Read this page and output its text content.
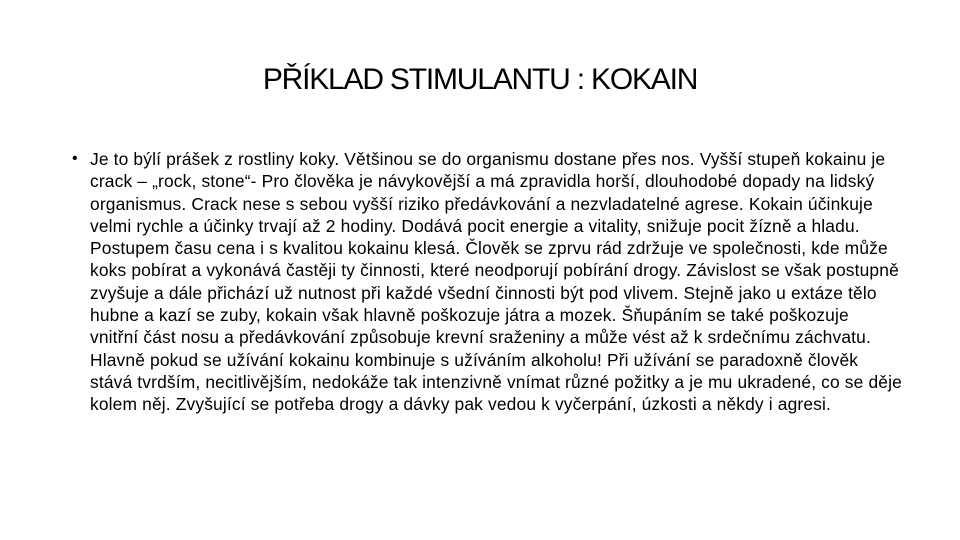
PŘÍKLAD STIMULANTU : KOKAIN
• Je to býlí prášek z rostliny koky. Většinou se do organismu dostane přes nos. Vyšší stupeň kokainu je crack – „rock, stone“- Pro člověka je návykovější a má zpravidla horší, dlouhodobé dopady na lidský organismus. Crack nese s sebou vyšší riziko předávkování a nezvladatelné agrese. Kokain účinkuje velmi rychle a účinky trvají až 2 hodiny. Dodává pocit energie a vitality, snižuje pocit žízně a hladu. Postupem času cena i s kvalitou kokainu klesá. Člověk se zprvu rád zdržuje ve společnosti, kde může koks pobírat a vykonává častěji ty činnosti, které neodporují pobírání drogy. Závislost se však postupně zvyšuje a dále přichází už nutnost při každé všední činnosti být pod vlivem. Stejně jako u extáze tělo hubne a kazí se zuby, kokain však hlavně poškozuje játra a mozek. Šňupáním se také poškozuje vnitřní část nosu a předávkování způsobuje krevní sraženiny a může vést až k srdečnímu záchvatu. Hlavně pokud se užívání kokainu kombinuje s užíváním alkoholu! Při užívání se paradoxně člověk stává tvrdším, necitlivějším, nedokáže tak intenzivně vnímat různé požitky a je mu ukradené, co se děje kolem něj. Zvyšující se potřeba drogy a dávky pak vedou k vyčerpání, úzkosti a někdy i agresi.
